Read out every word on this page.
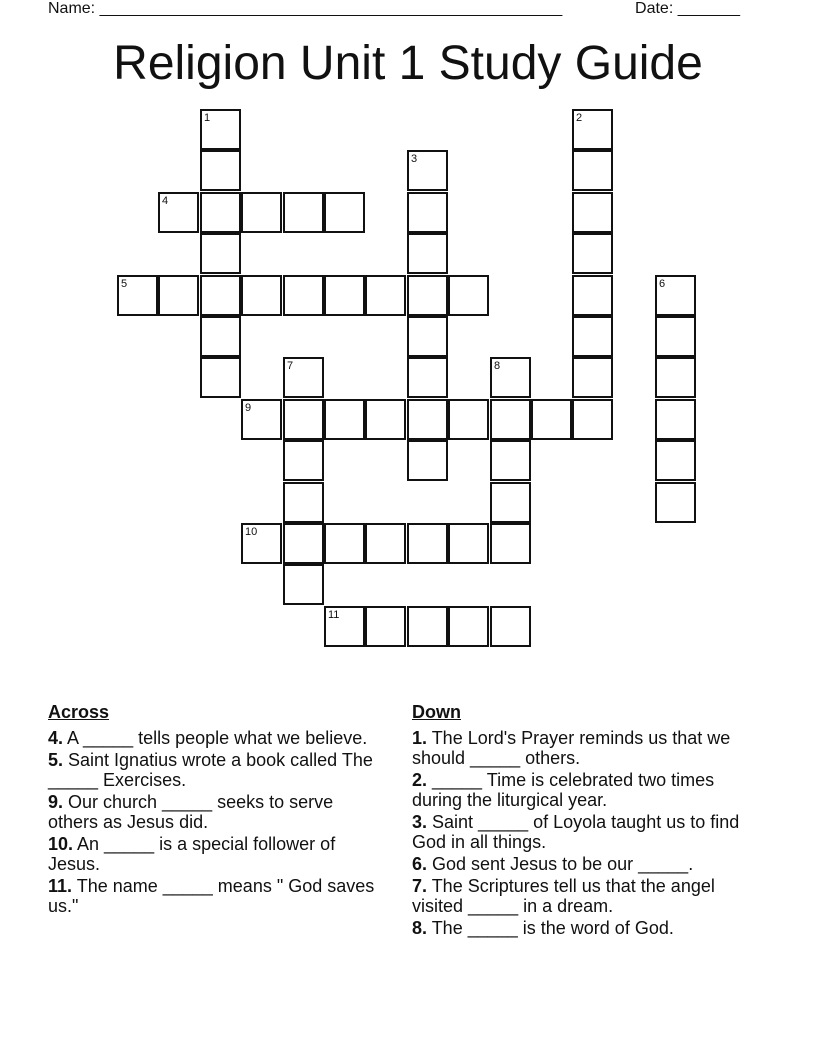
Name: ____________________________________________________	Date: _______
Religion Unit 1 Study Guide
1	2
3
4
5	6
7	8
9
10
11
Across
4. A _____ tells people what we believe.
5. Saint Ignatius wrote a book called The _____ Exercises.
9. Our church _____ seeks to serve others as Jesus did.
10. An _____ is a special follower of Jesus.
11. The name _____ means " God saves us."
Down
1. The Lord's Prayer reminds us that we should _____ others.
2. _____ Time is celebrated two times during the liturgical year.
3. Saint _____ of Loyola taught us to find God in all things.
6. God sent Jesus to be our _____.
7. The Scriptures tell us that the angel visited _____ in a dream.
8. The _____ is the word of God.
